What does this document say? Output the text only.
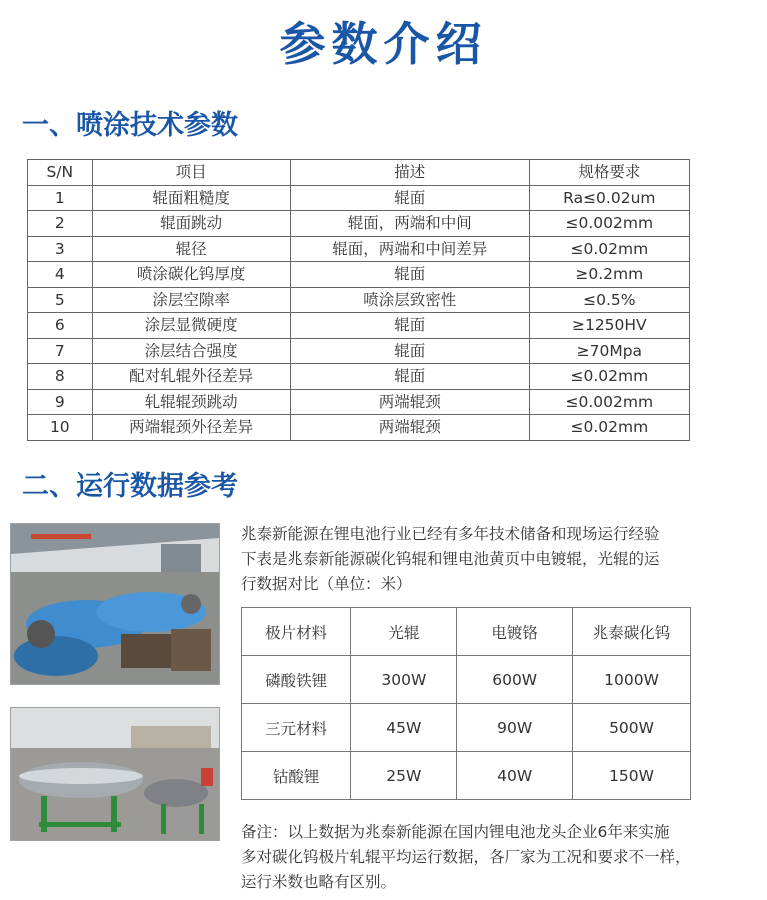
参数介绍
一、喷涂技术参数
S/N	项目	描述	规格要求
1	辊面粗糙度	辊面	Ra≤0.02um
2	辊面跳动	辊面，两端和中间	≤0.002mm
3	辊径	辊面，两端和中间差异	≤0.02mm
4	喷涂碳化钨厚度	辊面	≥0.2mm
5	涂层空隙率	喷涂层致密性	≤0.5%
6	涂层显微硬度	辊面	≥1250HV
7	涂层结合强度	辊面	≥70Mpa
8	配对轧辊外径差异	辊面	≤0.02mm
9	轧辊辊颈跳动	两端辊颈	≤0.002mm
10	两端辊颈外径差异	两端辊颈	≤0.02mm
二、运行数据参考

兆泰新能源在锂电池行业已经有多年技术储备和现场运行经验

下表是兆泰新能源碳化钨辊和锂电池黄页中电镀辊，光辊的运

行数据对比（单位：米）

极片材料	光辊	电镀铬	兆泰碳化钨
磷酸铁锂	300W	600W	1000W
三元材料	45W	90W	500W
钴酸锂	25W	40W	150W

备注：以上数据为兆泰新能源在国内锂电池龙头企业6年来实施

多对碳化钨极片轧辊平均运行数据，各厂家为工况和要求不一样，

运行米数也略有区别。
